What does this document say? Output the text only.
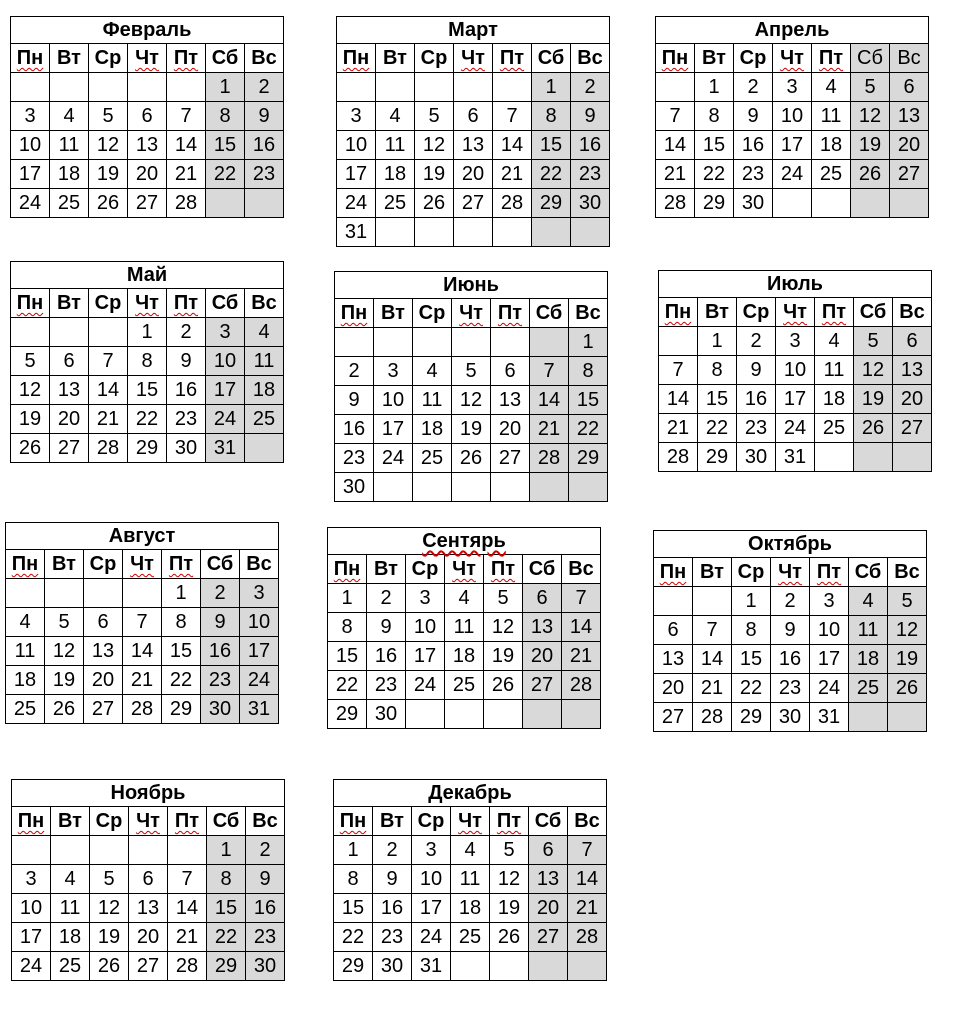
Февраль						
Пн	Вт	Ср	Чт	Пт	Сб	Вс
					1	2
3	4	5	6	7	8	9
10	11	12	13	14	15	16
17	18	19	20	21	22	23
24	25	26	27	28		
Март						
Пн	Вт	Ср	Чт	Пт	Сб	Вс
					1	2
3	4	5	6	7	8	9
10	11	12	13	14	15	16
17	18	19	20	21	22	23
24	25	26	27	28	29	30
31						
Апрель						
Пн	Вт	Ср	Чт	Пт	Сб	Вс
	1	2	3	4	5	6
7	8	9	10	11	12	13
14	15	16	17	18	19	20
21	22	23	24	25	26	27
28	29	30				
Май						
Пн	Вт	Ср	Чт	Пт	Сб	Вс
			1	2	3	4
5	6	7	8	9	10	11
12	13	14	15	16	17	18
19	20	21	22	23	24	25
26	27	28	29	30	31	
Июнь						
Пн	Вт	Ср	Чт	Пт	Сб	Вс
						1
2	3	4	5	6	7	8
9	10	11	12	13	14	15
16	17	18	19	20	21	22
23	24	25	26	27	28	29
30						
Июль						
Пн	Вт	Ср	Чт	Пт	Сб	Вс
	1	2	3	4	5	6
7	8	9	10	11	12	13
14	15	16	17	18	19	20
21	22	23	24	25	26	27
28	29	30	31			
Август						
Пн	Вт	Ср	Чт	Пт	Сб	Вс
				1	2	3
4	5	6	7	8	9	10
11	12	13	14	15	16	17
18	19	20	21	22	23	24
25	26	27	28	29	30	31
Сентярь						
Пн	Вт	Ср	Чт	Пт	Сб	Вс
1	2	3	4	5	6	7
8	9	10	11	12	13	14
15	16	17	18	19	20	21
22	23	24	25	26	27	28
29	30					
Октябрь						
Пн	Вт	Ср	Чт	Пт	Сб	Вс
		1	2	3	4	5
6	7	8	9	10	11	12
13	14	15	16	17	18	19
20	21	22	23	24	25	26
27	28	29	30	31		
Ноябрь						
Пн	Вт	Ср	Чт	Пт	Сб	Вс
					1	2
3	4	5	6	7	8	9
10	11	12	13	14	15	16
17	18	19	20	21	22	23
24	25	26	27	28	29	30
Декабрь						
Пн	Вт	Ср	Чт	Пт	Сб	Вс
1	2	3	4	5	6	7
8	9	10	11	12	13	14
15	16	17	18	19	20	21
22	23	24	25	26	27	28
29	30	31				
